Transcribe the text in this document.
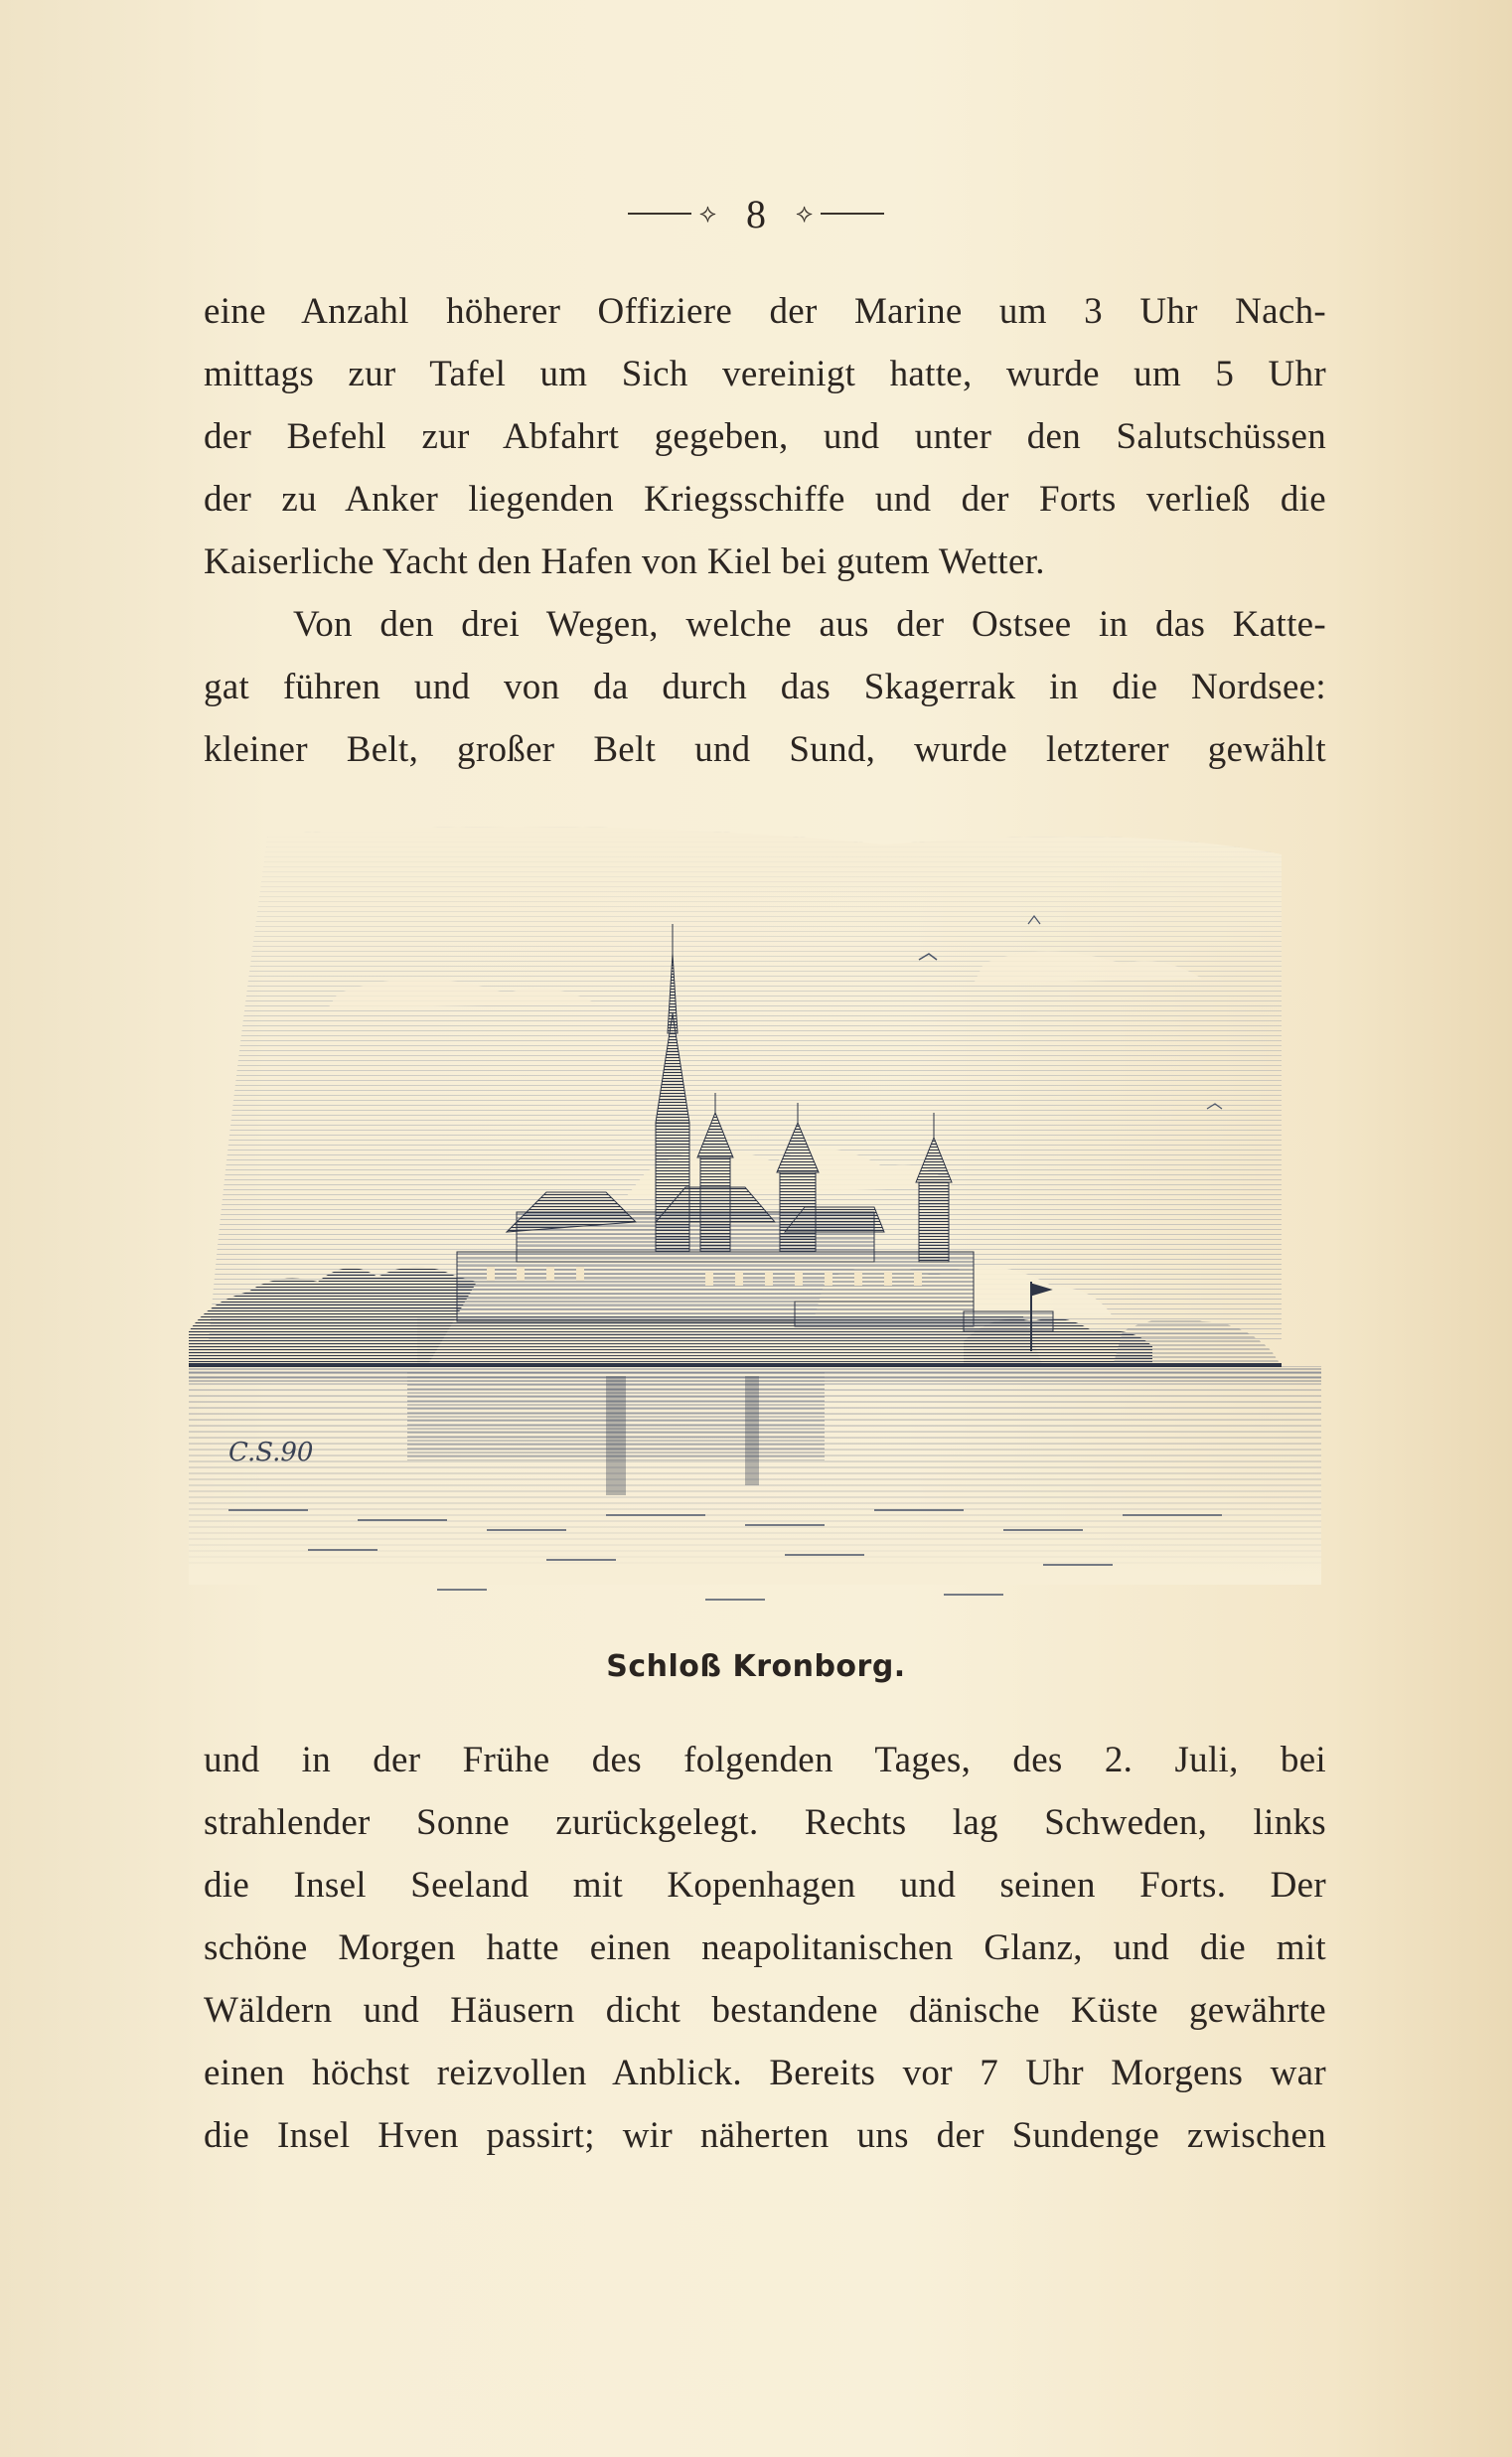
⟡ 8 ⟡
eine Anzahl höherer Offiziere der Marine um 3 Uhr Nach-
mittags zur Tafel um Sich vereinigt hatte, wurde um 5 Uhr
der Befehl zur Abfahrt gegeben, und unter den Salutschüssen
der zu Anker liegenden Kriegsschiffe und der Forts verließ die
Kaiserliche Yacht den Hafen von Kiel bei gutem Wetter.
Von den drei Wegen, welche aus der Ostsee in das Katte-
gat führen und von da durch das Skagerrak in die Nordsee:
kleiner Belt, großer Belt und Sund, wurde letzterer gewählt
C.S.90
Schloß Kronborg.
und in der Frühe des folgenden Tages, des 2. Juli, bei
strahlender Sonne zurückgelegt. Rechts lag Schweden, links
die Insel Seeland mit Kopenhagen und seinen Forts. Der
schöne Morgen hatte einen neapolitanischen Glanz, und die mit
Wäldern und Häusern dicht bestandene dänische Küste gewährte
einen höchst reizvollen Anblick. Bereits vor 7 Uhr Morgens war
die Insel Hven passirt; wir näherten uns der Sundenge zwischen
